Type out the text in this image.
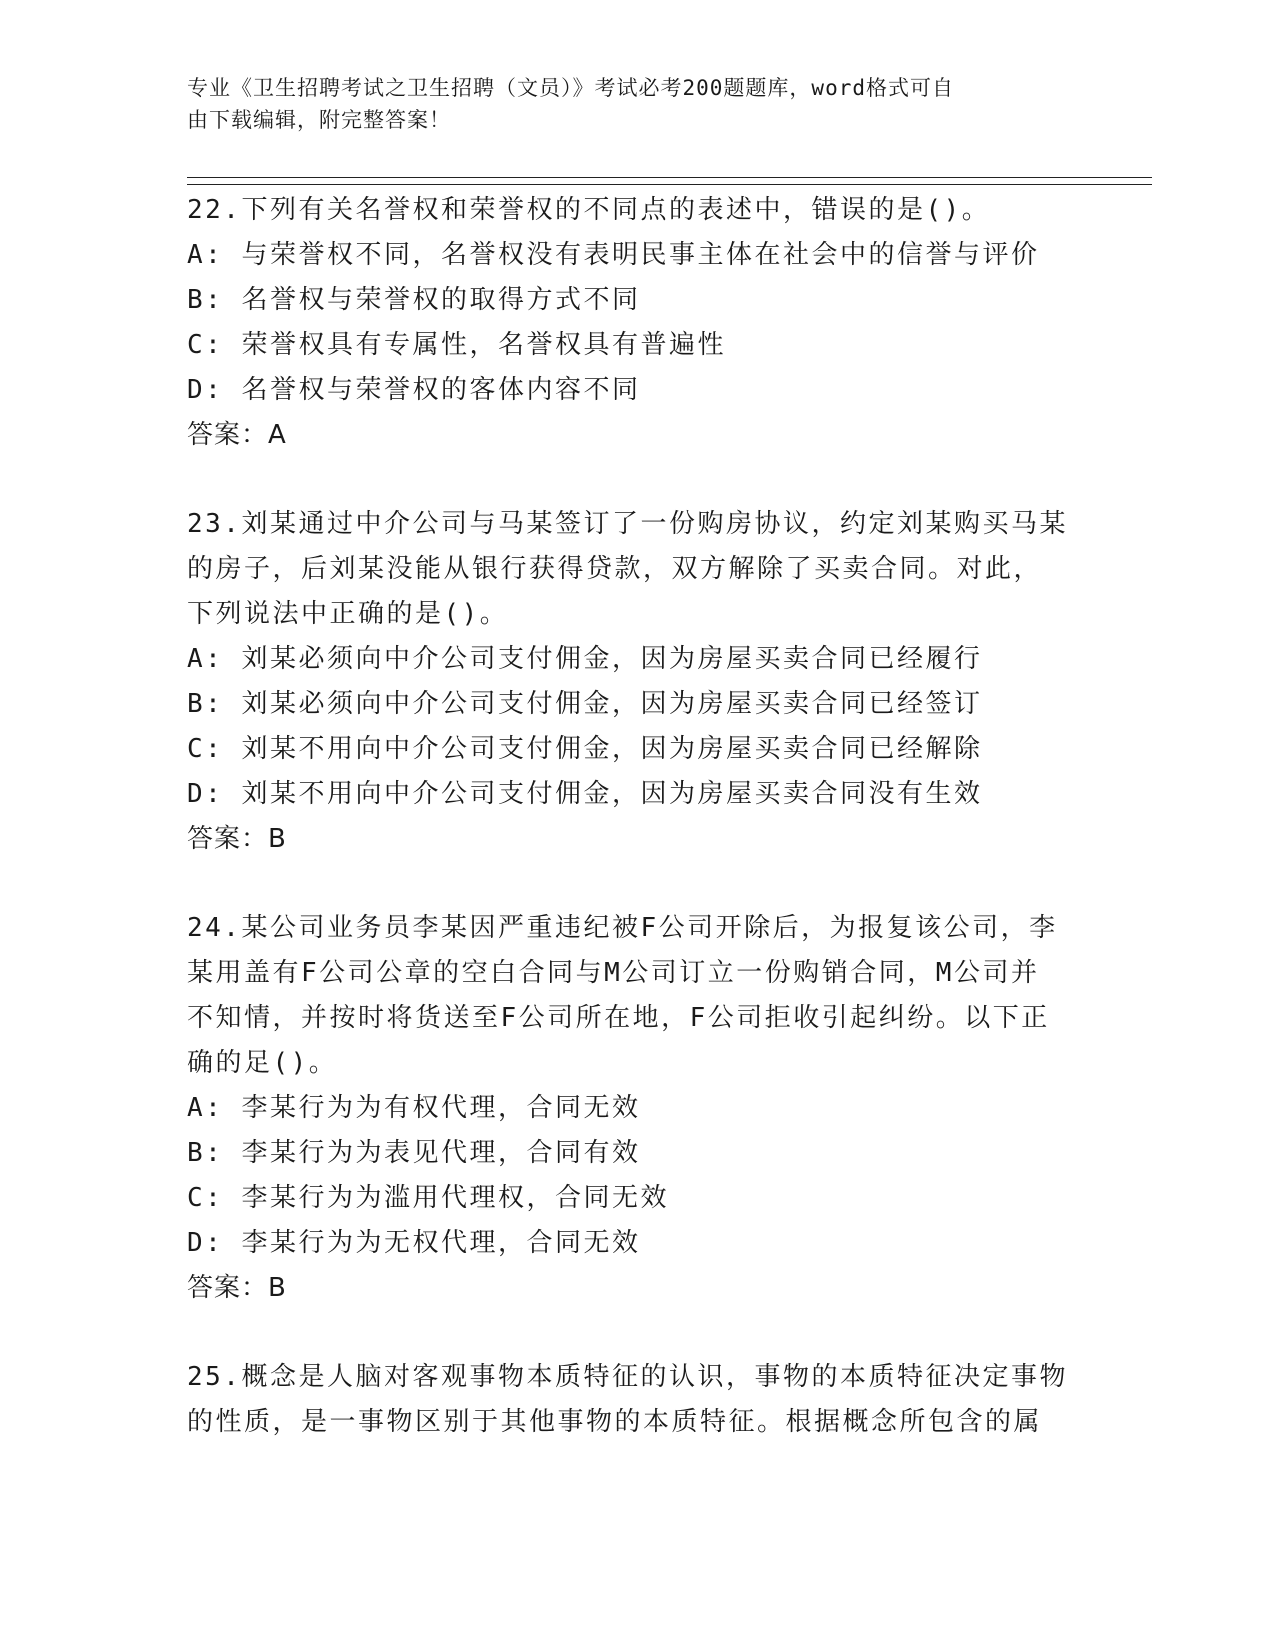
专业《卫生招聘考试之卫生招聘（文员）》考试必考200题题库，word格式可自
由下载编辑，附完整答案！

22.下列有关名誉权和荣誉权的不同点的表述中，错误的是()。

A: 与荣誉权不同，名誉权没有表明民事主体在社会中的信誉与评价

B: 名誉权与荣誉权的取得方式不同

C: 荣誉权具有专属性，名誉权具有普遍性

D: 名誉权与荣誉权的客体内容不同

答案：A

23.刘某通过中介公司与马某签订了一份购房协议，约定刘某购买马某

的房子，后刘某没能从银行获得贷款，双方解除了买卖合同。对此，

下列说法中正确的是()。

A: 刘某必须向中介公司支付佣金，因为房屋买卖合同已经履行

B: 刘某必须向中介公司支付佣金，因为房屋买卖合同已经签订

C: 刘某不用向中介公司支付佣金，因为房屋买卖合同已经解除

D: 刘某不用向中介公司支付佣金，因为房屋买卖合同没有生效

答案：B

24.某公司业务员李某因严重违纪被F公司开除后，为报复该公司，李

某用盖有F公司公章的空白合同与M公司订立一份购销合同，M公司并

不知情，并按时将货送至F公司所在地，F公司拒收引起纠纷。以下正

确的足()。

A: 李某行为为有权代理，合同无效

B: 李某行为为表见代理，合同有效

C: 李某行为为滥用代理权，合同无效

D: 李某行为为无权代理，合同无效

答案：B

25.概念是人脑对客观事物本质特征的认识，事物的本质特征决定事物

的性质，是一事物区别于其他事物的本质特征。根据概念所包含的属
